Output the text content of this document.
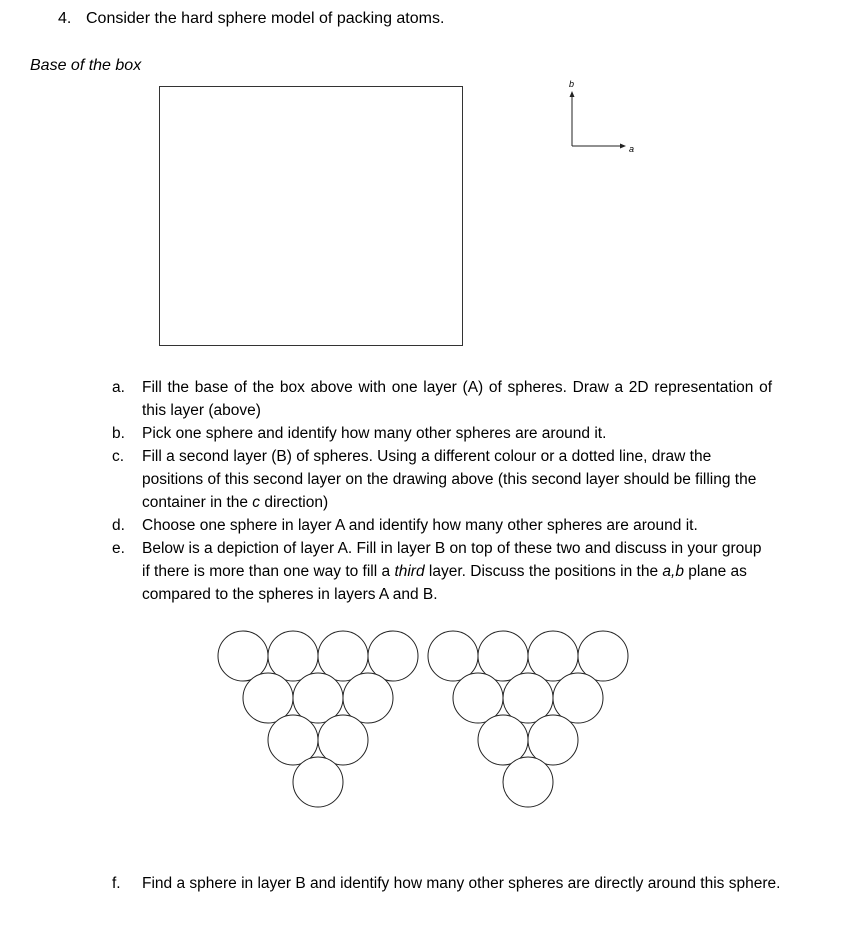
4. Consider the hard sphere model of packing atoms.
Base of the box
b
a
a. Fill the base of the box above with one layer (A) of spheres. Draw a 2D representation of this layer (above)
b. Pick one sphere and identify how many other spheres are around it.
c. Fill a second layer (B) of spheres. Using a different colour or a dotted line, draw the positions of this second layer on the drawing above (this second layer should be filling the container in the c direction)
d. Choose one sphere in layer A and identify how many other spheres are around it.
e. Below is a depiction of layer A. Fill in layer B on top of these two and discuss in your group if there is more than one way to fill a third layer. Discuss the positions in the a,b plane as compared to the spheres in layers A and B.
f. Find a sphere in layer B and identify how many other spheres are directly around this sphere.
